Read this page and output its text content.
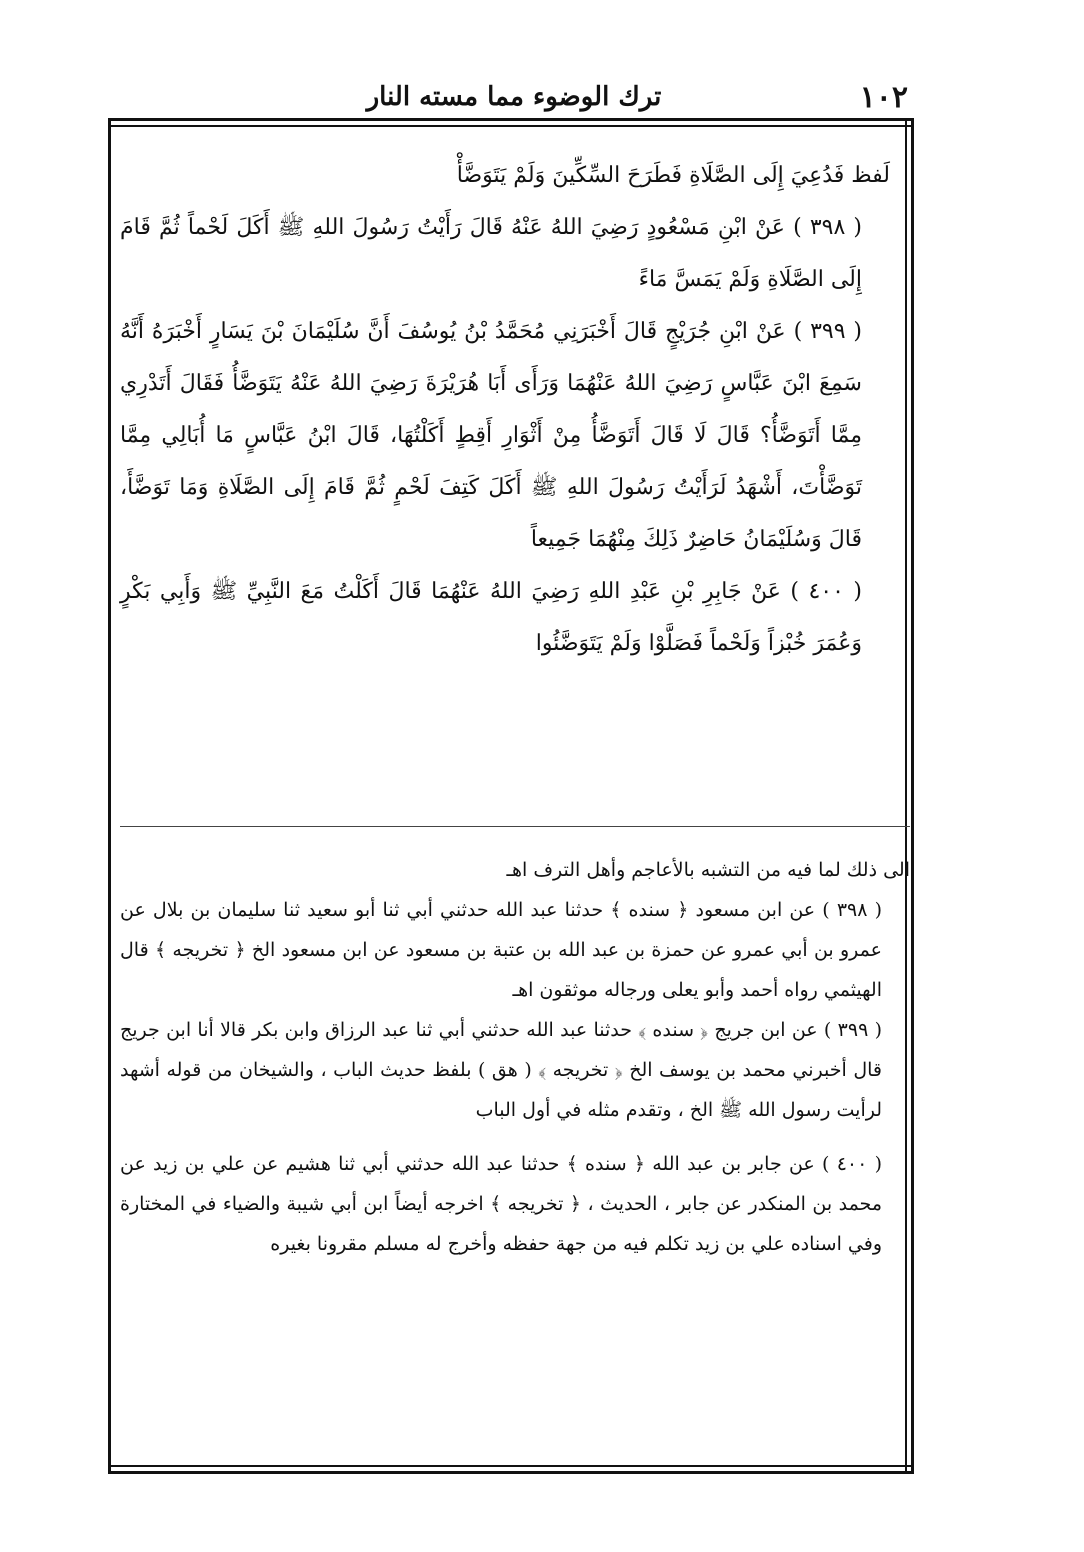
١٠٢
ترك الوضوء مما مسته النار

لَفظ فَدُعِيَ إِلَى الصَّلَاةِ فَطَرَحَ السِّكِّينَ وَلَمْ يَتَوَضَّأْ

( ٣٩٨ ) عَنْ ابْنِ مَسْعُودٍ رَضِيَ اللهُ عَنْهُ قَالَ رَأَيْتُ رَسُولَ اللهِ ﷺ أَكَلَ لَحْماً ثُمَّ قَامَ إِلَى الصَّلَاةِ وَلَمْ يَمَسَّ مَاءً

( ٣٩٩ ) عَنْ ابْنِ جُرَيْجٍ قَالَ أَخْبَرَنِي مُحَمَّدُ بْنُ يُوسُفَ أَنَّ سُلَيْمَانَ بْنَ يَسَارٍ أَخْبَرَهُ أَنَّهُ سَمِعَ ابْنَ عَبَّاسٍ رَضِيَ اللهُ عَنْهُمَا وَرَأَى أَبَا هُرَيْرَةَ رَضِيَ اللهُ عَنْهُ يَتَوَضَّأُ فَقَالَ أَتَدْرِي مِمَّا أَتَوَضَّأُ؟ قَالَ لَا قَالَ أَتَوَضَّأُ مِنْ أَثْوَارِ أَقِطٍ أَكَلْتُهَا، قَالَ ابْنُ عَبَّاسٍ مَا أُبَالِي مِمَّا تَوَضَّأْتَ، أَشْهَدُ لَرَأَيْتُ رَسُولَ اللهِ ﷺ أَكَلَ كَتِفَ لَحْمٍ ثُمَّ قَامَ إِلَى الصَّلَاةِ وَمَا تَوَضَّأَ، قَالَ وَسُلَيْمَانُ حَاضِرٌ ذَلِكَ مِنْهُمَا جَمِيعاً

( ٤٠٠ ) عَنْ جَابِرِ بْنِ عَبْدِ اللهِ رَضِيَ اللهُ عَنْهُمَا قَالَ أَكَلْتُ مَعَ النَّبِيِّ ﷺ وَأَبِي بَكْرٍ وَعُمَرَ خُبْزاً وَلَحْماً فَصَلَّوْا وَلَمْ يَتَوَضَّئُوا

الى ذلك لما فيه من التشبه بالأعاجم وأهل الترف اهـ

( ٣٩٨ ) عن ابن مسعود ﴿ سنده ﴾ حدثنا عبد الله حدثني أبي ثنا أبو سعيد ثنا سليمان بن بلال عن عمرو بن أبي عمرو عن حمزة بن عبد الله بن عتبة بن مسعود عن ابن مسعود الخ ﴿ تخريجه ﴾ قال الهيثمي رواه أحمد وأبو يعلى ورجاله موثقون اهـ

( ٣٩٩ ) عن ابن جريج ﴿ سنده ﴾ حدثنا عبد الله حدثني أبي ثنا عبد الرزاق وابن بكر قالا أنا ابن جريج قال أخبرني محمد بن يوسف الخ ﴿ تخريجه ﴾ ( هق ) بلفظ حديث الباب ، والشيخان من قوله أشهد لرأيت رسول الله ﷺ الخ ، وتقدم مثله في أول الباب

( ٤٠٠ ) عن جابر بن عبد الله ﴿ سنده ﴾ حدثنا عبد الله حدثني أبي ثنا هشيم عن علي بن زيد عن محمد بن المنكدر عن جابر ، الحديث ، ﴿ تخريجه ﴾ اخرجه أيضاً ابن أبي شيبة والضياء في المختارة وفي اسناده علي بن زيد تكلم فيه من جهة حفظه وأخرج له مسلم مقرونا بغيره
